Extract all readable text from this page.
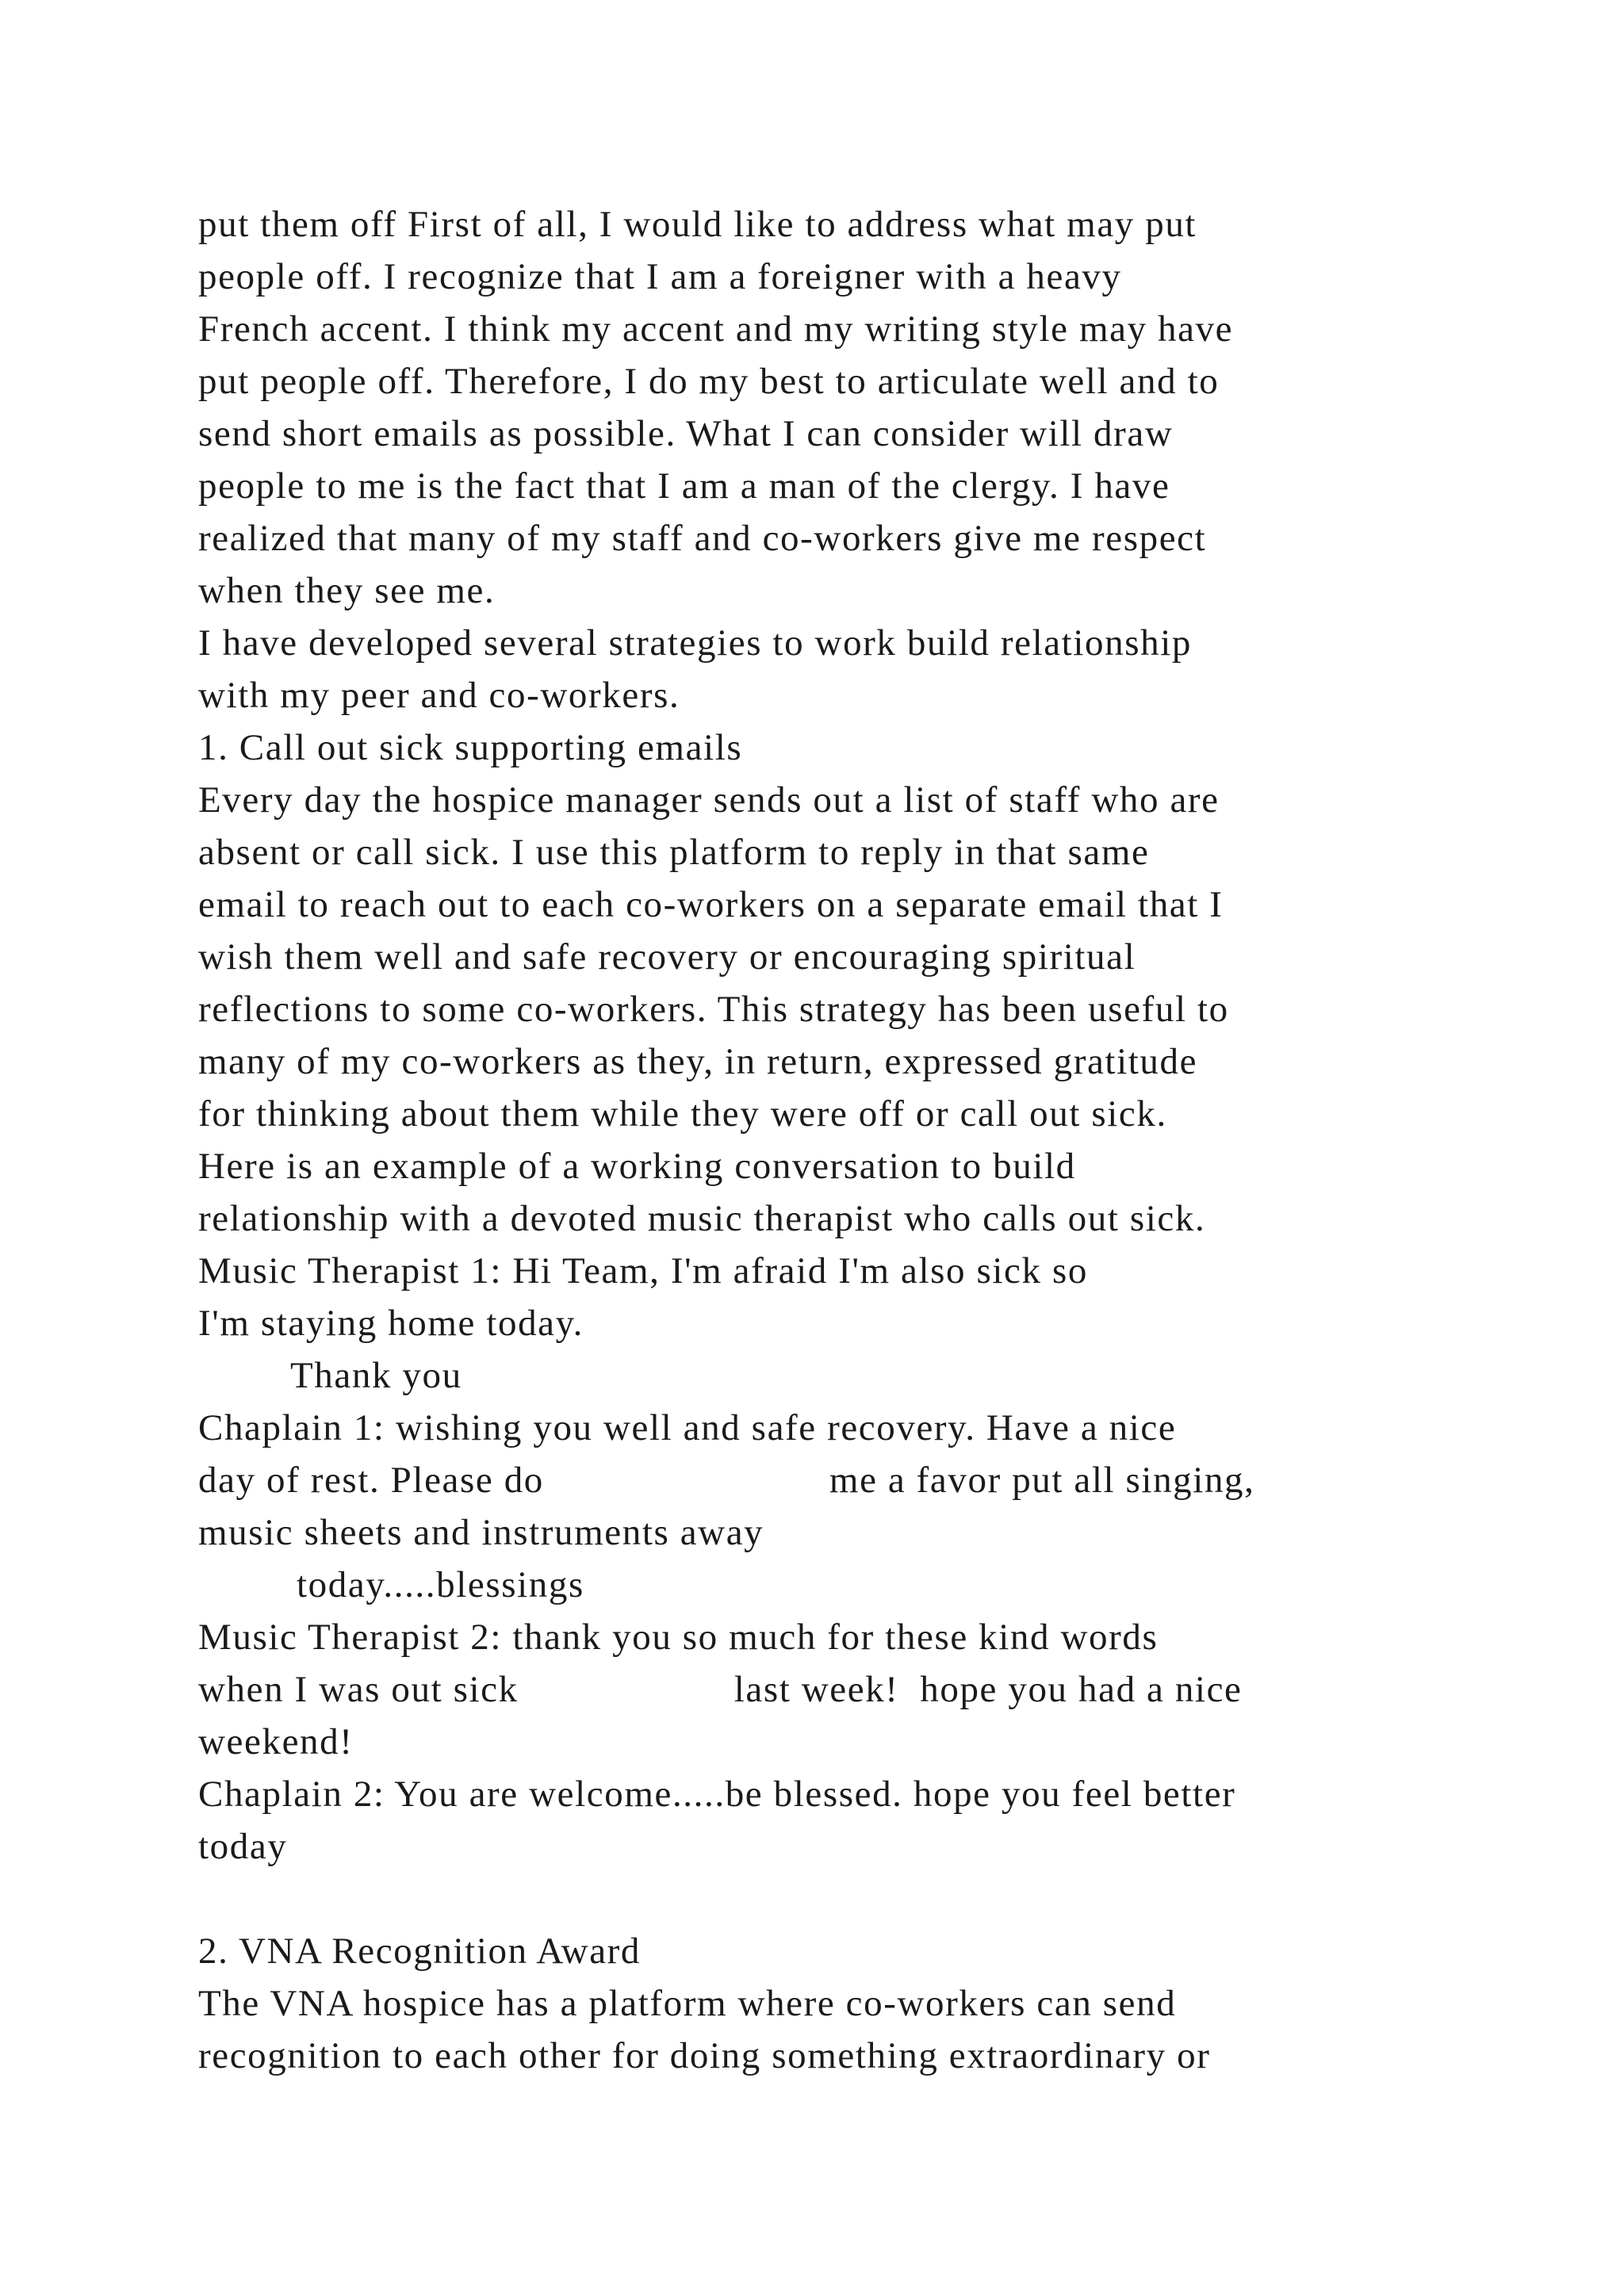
put them off First of all, I would like to address what may put
people off. I recognize that I am a foreigner with a heavy
French accent. I think my accent and my writing style may have
put people off. Therefore, I do my best to articulate well and to
send short emails as possible. What I can consider will draw
people to me is the fact that I am a man of the clergy. I have
realized that many of my staff and co-workers give me respect
when they see me.
I have developed several strategies to work build relationship
with my peer and co-workers.
1. Call out sick supporting emails
Every day the hospice manager sends out a list of staff who are
absent or call sick. I use this platform to reply in that same
email to reach out to each co-workers on a separate email that I
wish them well and safe recovery or encouraging spiritual
reflections to some co-workers. This strategy has been useful to
many of my co-workers as they, in return, expressed gratitude
for thinking about them while they were off or call out sick.
Here is an example of a working conversation to build
relationship with a devoted music therapist who calls out sick.
Music Therapist 1: Hi Team, I'm afraid I'm also sick so
I'm staying home today.
Thank you
Chaplain 1: wishing you well and safe recovery. Have a nice
day of rest. Please do	me a favor put all singing,
music sheets and instruments away
today.....blessings
Music Therapist 2: thank you so much for these kind words
when I was out sick	last week!  hope you had a nice
weekend!
Chaplain 2: You are welcome.....be blessed. hope you feel better
today
2. VNA Recognition Award
The VNA hospice has a platform where co-workers can send
recognition to each other for doing something extraordinary or
